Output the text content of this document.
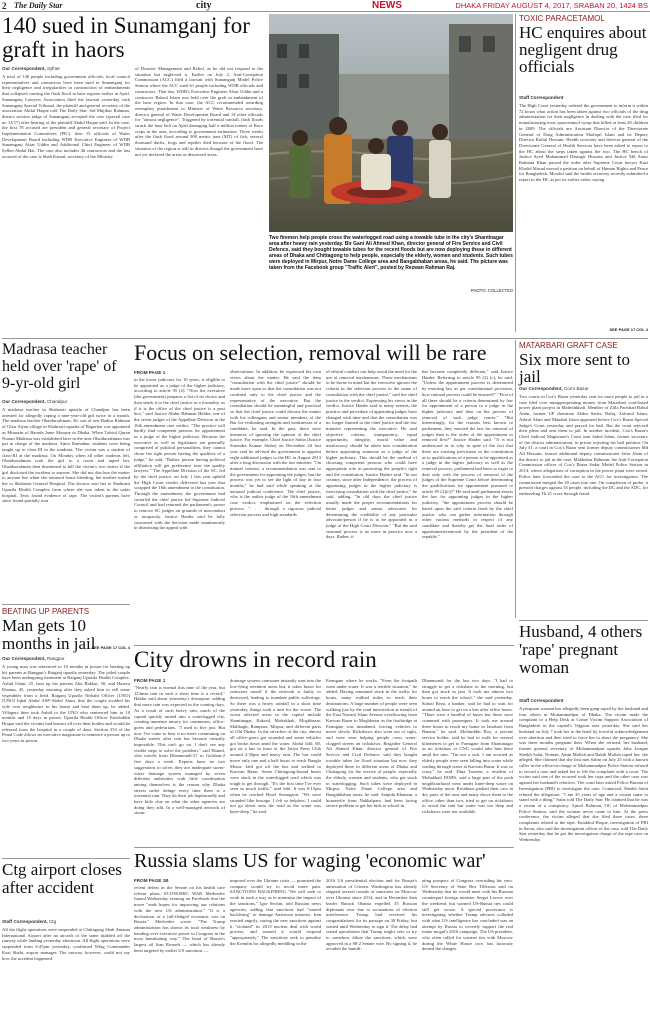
2 The Daily Star	city	NEWS	DHAKA FRIDAY AUGUST 4, 2017, SRABAN 20, 1424 BS
140 sued in Sunamganj for graft in haors
Our Correspondent, Sylhet
A total of 140 people including government officials, local council representatives and contractors have been sued in Sunamganj for their negligence and irregularities in construction of embankments that collapsed causing the flash flood in haor regions earlier in April. Sunamganj Lawyers Association filed the lawsuit yesterday with Sunamganj Special Tribunal, the plaintiff and general secretary of the association Abdul Haque told The Daily Star. Sid Mujibur Rahman, district session judge of Sunamganj accepted the case (special case no 13/17) after hearing of the plaintiff Abdul Haque said. In the case, the first 78 accused are president and general secretary of Project Implementation Committees (PIC), then 15 officials of Water Development Board including WDB Executive Engineer of WDB Sunamganj Afsar Uddin and Additional Chief Engineer of WDB Sylhet Abdul Hai. The case also includes 46 contractors and the last accused of the case is Shah Kamal, secretary of the Ministry
of Disaster Management and Relief, as he did not respond to the situation but neglected it. Earlier on July 2, Anti-Corruption Commission (ACC) filed a lawsuit with Sunamganj Model Police Station where the ACC sued 61 people including WDB officials and contractors. That day, WDB's Executive Engineer Afsar Uddin and a contractor Babrul Islam was held over the graft in embankment of the haor region. In that case, the ACC recommended awarding exemplary punishment to Minister of Water Resource secretary, director general of Water Development Board and 14 other officials for "utmost negligence". Triggered by torrential rainfall, flash floods struck the haor belt on April damaging half a million tonnes of Boro crops in the area, according to government estimation. Three weeks after the flash flood around 900 metric tons (MT) of fish, several thousand ducks, frogs and reptiles died because of the flood. The situation of the region is still in distress though the government have not yet declared the areas as distressed areas.
Two firemen help people cross the waterlogged road using a towable tube in the city's Shantinagar area after heavy rain yesterday. Bir Gani Ali Ahmed Khan, director general of Fire Service and Civil Defence, said they bought towable tubes for the recent floods but are now deploying these in different areas of Dhaka and Chittagong to help people, especially the elderly, women and students. Such tubes were deployed in Mirpur, Notre Dame College area and Bangabhaban areas, he said. The picture was taken from the Facebook group "Traffic Alert", posted by Rezwan Rahman Raj.
PHOTO: COLLECTED
TOXIC PARACETAMOL
HC enquires about negligent drug officials
Staff Correspondent
The High Court yesterday ordered the government to inform it within 72 hours what action has been taken against two officials of the drug administration for their negligence in dealing with the case filed for manufacturing toxic paracetamol syrup that killed at least 28 children in 2009. The officials are Assistant Director of the Directorate General of Drug Administration Shafiqul Islam and its Deputy Director Rafiul Hossain. Health secretary and director general of the Directorate General of Health Services have been asked to report to the HC about the steps taken against the two. The HC bench of Justice Syed Muhammad Dastagir Hussain and Justice Md Ataur Rahman Khan passed the order after Supreme Court lawyer Kazi Khalid Masud moved a petition on behalf of Human Rights and Peace for Bangladesh. Mosiful said the health secretary recently submitted a report to the HC as per its earlier order, saying
SEE PAGE 17 COL 4
Madrasa teacher held over 'rape' of 9-yr-old girl
Our Correspondent, Chandpur
A madrasa teacher in Shahrasti upazila of Chandpur has been arrested for allegedly raping a nine-year-old girl twice in a month. The madrasa teacher Obaidurrahman, 30, son of one Badiur Rahman of Ghor Arjun village in Shahrasti upazila of Bagerhat was appointed as Muazzin of Baruda Jame Mosque in Dhaka. When Tafsiul Quran Nurani Madrasa was established later in the area Obaidurrahman was put in charge of the madrasa. Since Ramadan, students were being taught up to class-III in the madrasa. The victim was a student of class-III at the madrasa. On Monday when all other students left, Obaidurrahman took the girl to a room and raped her. Obaidurrahman then threatened to kill the victim's two sisters if the girl disclosed the incident to anyone. She did not disclose the matter to anyone but when she returned home bleeding, her mother rushed her to Shahrasti General Hospital. The doctors sent her to Shahrasti Upazila Health Complex from where she was taken to the sadar hospital. Tests found evidence of rape. The victim's parents have since found partially torn
SEE PAGE 17 COL 4
Focus on selection, removal will be rare
FROM PAGE 1
in the lower judiciary for 10 years, is eligible to be appointed as a judge of the higher judiciary, according to article 95 (2). "Now the executive (the government) prepares a list of its choice and then sends it to the chief justice as a formality, as if it is the office of the chief justice is a post box," said Justice Abdur Rahman Halder, one of the seven judges of the Appellate Division in the 16th amendment case verdict. "The practice will hardly find competent persons for appointment as a judge of the higher judiciary. Because the executive as well as legislature are generally comprised of political personalities, they cannot chose the right person having the qualities of a judge," he said. "Rather, person having political affiliation will get preference over the quality lawyers." The Appellate Division of the SC, led by the chief justice, on July 1 this year upheld the High Court verdict delivered last year that scrapped the 16th amendment to the constitution. Through the amendment, the government had curtailed the chief justice led Supreme Judicial Council and had returned the parliament's power to remove SC judges on grounds of misconduct or incapacity. Justice Haider said he fully concurred with the decision made unanimously in dismissing the appeal with
observations. In addition, he expressed his own views about the matter. He said the term "consultation with the chief justice" should be made more open so that the consultation was not confined only to the chief justice and the representative of the executive. But the consultation should be meaningful and practical so that the chief justice could discuss the matter with his colleagues and senior members of the Bar for evaluating strengths and weaknesses of a candidate, he said. In the past, there were instances of ignoring the opinion of the chief justice. For example, Chief Justice Sinha (Justice Surendra Kumar Sinha) on December 24 last year said he advised the government to appoint eight additional judges to the HC in August 2013 after a long discussion with the law minister. "On mutual consent, a recommendation was sent to the government for appointing the judges, but the process was yet to see the light of day in four months," he had said while speaking at the national judicial conference. The chief justice, who is the author judge of the 16th amendment case verdict, emphasised on the selection process. ". . . through a rigorous judicial selection process and high standards
of ethical conduct can help avoid the need for the use of removal mechanisms. These mechanisms to be borne in mind but the executive ignores the criteria in the selection process in the name of consultation with the chief justice," said the chief justice in the verdict. Expressing his views in the verdict, Justice Haider said to many extents, the practice and procedure of appointing judges have changed with time and that the consultation was no longer limited to the chief justice and the law minister representing the executive. He said objective criteria, transparency, equal opportunity, integrity, moral value and meritocracy should be taken into consideration before appointing someone as a judge of the higher judiciary. This should be the method of choosing competent persons who could have appropriate role in protecting the people's right and the constitution, Justice Haider said. "In our country, since after Independence, the process of appointing judges in the higher judiciary is exercising consultation with the chief justice," he said, adding, "In old days the chief justice usually made the proper recommendations for better judges and senior advocates for determining the credibility of any particular advocate/person if he is to be appointed as a judge of the High Court Division." "But the said seasonal process is no more in practice now a days. Rather, it
has become completely different," said Justice Haider. Referring to article 95 (2) (c), he said, "Unless the appointment process is determined by enacting law as per constitutional provision, how rational process could be ensured?" "First of all there should be a criteria determined by law for appointment of a person to a judge in the higher judiciary and then on the process of removal of such judge comes." "But interestingly, for the reasons best known to parliament, they enacted the law for removal of judges then is the order of the appointment or removal first?" Justice Haider said. "It is not understood as to why in spite of the fact that there are existing provisions in the constitution as to qualifications of a person to be appointed as a judge in the higher judiciary as well as the removal process, parliament had been so eager to deal only with the process of removal of the judges of the Supreme Court before determining the qualifications for appointment pursuant to article 95 (2)(c)?" He said until parliament enacts the law for appointing judges in the higher judiciary, "the appointment process should be based upon the said criteria fixed by the chief justice, who can gather information through other various methods in respect of any candidate and thereby get the final order of appointment/removal by the president of the republic."
MATARBARI GRAFT CASE
Six more sent to jail
Our Correspondent, Cox's Bazar
Two courts in Cox's Bazar yesterday sent six more people to jail in a case filed over misappropriating money from Matarbari coal-based power plant project in Maheshkhali. Member of Zilla Parishad Babul Amin, former UP chairman Abdur Satter, Rafiq, Zohurul Islam, Ashraf Alam and Matubul Islam appeared before Cox's Bazar Special Judge's Court yesterday and prayed for bail. But the court rejected their pleas and sent them to jail. In another incident, Cox's Bazar's Chief Judicial Magistrate's Court sent Jaded Islam, former secretary of the district administration, to prison rejecting his bail petition. On July 31, a court in Cox's Bazar sent former deputy commissioner Md Ali Hossain, former additional deputy commissioner Jafar Alam of the district to jail in the case. Mahbubur Rahman, the Anti-Corruption Commission officer of Cox's Bazar Sadar Model Police Station in 2014, where allegations of corruption in the power plant were raised. Police later forwarded the case to the ACC for investigation. The commission merged the 20 cases into one. On completion of probe, it pressed charges against 35 people, including the DC and the ADC, for embezzling Tk 21 crore through fraud.
BEATING UP PARENTS
Man gets 10 months in jail
Our Correspondent, Rangpur
A young man was sentenced to 10 months in prison for beating up his parents at Rangpur's Raiganj upazila yesterday. The jailed couple have been undergoing treatment at Raiganj Upazila Health Complex. Aahid Islam, 25, beat up his parents Abu Bakkar, 50, and Hazera Khatun, 45, yesterday morning after they asked him to sell some vegetables from a field. Raiganj Upazila Nirbahi Officer (UNO) [UNO] Iqbal Abdul ASP-Abdul Alam, that the couple scolded his wife over neighbours to his house and beat them up, he added. Villagers then took Aahid to the UNO who sentenced him to 10 months and 10 days in prison. Upazila Health Officer Fariduddin Hoque said the victims had bruises all over their bodies and would be released from the hospital in a couple of days. Section 353 of the Penal Code allows an executive magistrate to sentence a person up to two years in prison.
City drowns in record rain
FROM PAGE 1
"Nearly rain is normal this time of the year, but 123mm rain in such a short time is a record," Haldar said about yesterday's downpour, adding that more rain was expected in the coming days. As a result of such heavy rain, much of the capital quickly turned into a waterlogged city, creating immense misery for commuters, office-goers and pedestrians. "I used to live just. But now I've come to bear it no more commuting on Dhaka streets after rain has become virtually impossible. This can't go on. I don't see any visible steps to solve the problem," said Hamid, who travels from Dhanmondi-27 to Gulshan-2 five days a week. Experts have no two suggestions to solve; they are inadequate storm-water drainage system managed by seven different authorities with little coordination among themselves is the reason why Dhaka streets suffer deluge every time there is a torrential rain. They do their job haphazardly and have little clue on what the other agencies are doing they add. In a well-managed network of storm-
drainage system, rainwater instantly runs into the low-lying retention areas but, it takes hours for rainwater runoff if the network is faulty or destroyed, leading to inundate public sufferings. So there was a heavy rainfall in a short time yesterday, things took a turn for the worse. The worst affected areas in the capital include Shantinagar, Kakrail, Mohakhali, Moghbazar, Malibagh, Rampura, Mirpur, and different parts of Old Dhaka. In the stretches of the city, almost all office-goers got stranded and some vehicles got broke down amid the water. Abdul Jalil, 60, got on a bus in front of the Jatiya Press Club around 2:30pm and heavy rain. The bus could move only one and a half hours to reach Bangla Motor. Jalil got off the bus and walked to Karwan Bazar. Some Chittagong-bound buses were stuck in the waterlogged road which was tough to get through. "It's the first time I've ever seen so much traffic," said Jalil. It was 6:15pm when he reached Hotel Sonargaon. "We were stranded like hostage. I felt so helpless. I could not go down onto the road as the water was knee-deep," he said.
Farmgate where he works. "Even the footpath went under water. It was a terrible situation," he added. Having remained stuck in the traffic for hours, many walked miles to reach their destinations. A large number of people were seen walking just by the road intersection at mouth of the East Nasirul Islam Avenue overflowing from Karwan Bazar to Moghbazar as the footbridge at Farmgate was inundated, forcing vehicles to move slowly. Rickshaws also went out of sight, and were seen helping people cross water-clogged streets on rickshaws. Brigadier General Ali Ahmed Khan, director general of Fire Service and Civil Defence, said they bought towable tubes for flood situation but now they deployed these in different areas of Dhaka and Chittagong for the service of people, especially the elderly, women and students, who got stuck in waterlogging. Such tubes were deployed in Mirpur, Notre Dame College area and Bangabhaban areas, he said. Sanjida Khanam, a housewife from Nakhalpara, had been facing severe problem to get her kids to school in
Dhanmondi for the last two days. "I had to struggle to get a rickshaw in the morning, but then got stuck in jam. It took me almost two hours to reach the school," she said yesterday. Sohail Reza, a banker, said he had to wait for around an hour to get on a bus after office hours. "There were a handful of buses but those were crammed with passengers. It took me around three hours to reach my home in Jatrabari from Banani," he said. Mohiuddin Roy, a private service holder, said he had to walk for several kilometres to get to Farmgate from Shantinagar as no rickshaw or CNG would take him there amid the rain. "I'm not a sick. I am worried as elderly people were seen falling into water while wading through water at Karwan Bazar. It was so scary," he said. Dina Tasreen, a resident of Mohakhali DOHS, said a large part of the posh neighbourhood went under knee-deep water on Wednesday noon. Residents parked their cars in dry parts of the area and many drove them to the office, other than two, tried to get on rickshaws to avoid the rain but water was too deep and rickshaws were not available.
Husband, 4 others 'rape' pregnant woman
Staff Correspondent
A pregnant woman has allegedly been gang-raped by her husband and four others in Mohammadpur of Dhaka. The victim made the complaint to a Help Desk at Crime Victim Support Association of Bangladesh in the capital's Tejgaon area yesterday. She said her husband on July 7 took her to the hotel by forceful acknowledgement over abortion and then tried to force her to abort the pregnancy. She was three months pregnant then. When she refused, her husband, former general secretary of Mohammadpur upazila Jubo League Sheikh Safat, Noman, Amin Mollah and Rakib Mollah raped her, she alleged. She claimed that she first met Salim on July 25 with a known caller in the office-in-charge of Mohammadpur Police Station refused to record a case and asked her to file the complaint with a court. The victim said one of the accused took her cups and the other case was against her husband's relatives. The court later asked Police Bureau of Investigation (PBI) to investigate the case. Contacted, Sheikh Safat refuted the allegation. "I am 35 years of age and a cousin came to stand with a thing," Safat told The Daily Star. He claimed that he was a victim of a conspiracy. Ajmol Rahman, OC of Mohammadpur Police Station, said the woman never came to him. At the press conference, the victim alleged that she filed three cases, three complaints related to the rape. Entakhul Hoque, investigation of PBI in Savar, also said the investigation officer of the case, told The Daily Star yesterday that he got the investigation charge of the rape case on Wednesday.
Ctg airport closes after accident
Staff Correspondent, Ctg
All the flight operations were suspended at Chittagong Shah Amanat International Airport after an aircraft of the same skidded off the runway while landing yesterday afternoon. All flight operations were suspended from 6:47pm yesterday, confirmed Wing Commander Kazi Shahi, airport manager. The runway, however, could not say how the accident happened.
Russia slams US for waging 'economic war'
FROM PAGE 1B
recent defeat in the Senate on his health care reform plans. ECONOMIC WAR Medvedev fumed Wednesday evening on Facebook that the move "ends hopes for improving our relations with the new US administration." "It is a declaration of a full-fledged economic war on Russia," Medvedev wrote. "The Trump administration has shown its total weakness by handing over executive power to Congress in the most humiliating way." The head of Russia's largest oil firm Rosneft — which has already been targeted by earlier US sanctions —
imposed over the Ukraine crisis — promised the company would try to avoid more pain. SANCTIONS BACKFIRING "We will seek to work in such a way as to minimise the impact of the sanctions," Igor Sechin, told Russian news agencies, adding that sanctions had "started backfiring" to damage American interests. Iran reacted angrily, saying the new sanctions against it "violated" its 2015 nuclear deal with world powers, and warned it would respond "appropriately." The sanctions seek to penalise the Kremlin for allegedly meddling in the
2016 US presidential election and for Russia's annexation of Crimea. Washington has already slapped several rounds of sanctions on Moscow over Ukraine since 2014, and in December then leader Barack Obama expelled 35 Russian diplomats over due to accusations of election interference. Trump had received his congratulations for its passage on 30 Friday, but waited until Wednesday to sign it. The delay had raised speculation that Trump might veto or try to somehow dilute the sanctions, which were approved in a 98-2 Senate vote. By signing it, he avoided the humili-
ating prospect of Congress overriding his veto. US Secretary of State Rex Tillerson said on Wednesday that he would meet with his Russian counterpart foreign minister Sergei Lavrov over the weekend, but warned US-Russia ties could still get worse. A special prosecutor is investigating whether Trump advisers colluded with what US intelligence has concluded was an attempt by Russia to covertly support the real estate mogul's 2016 campaign. The US president, who often called for warmer ties with Moscow during the White House race, has furiously denied the charges.
